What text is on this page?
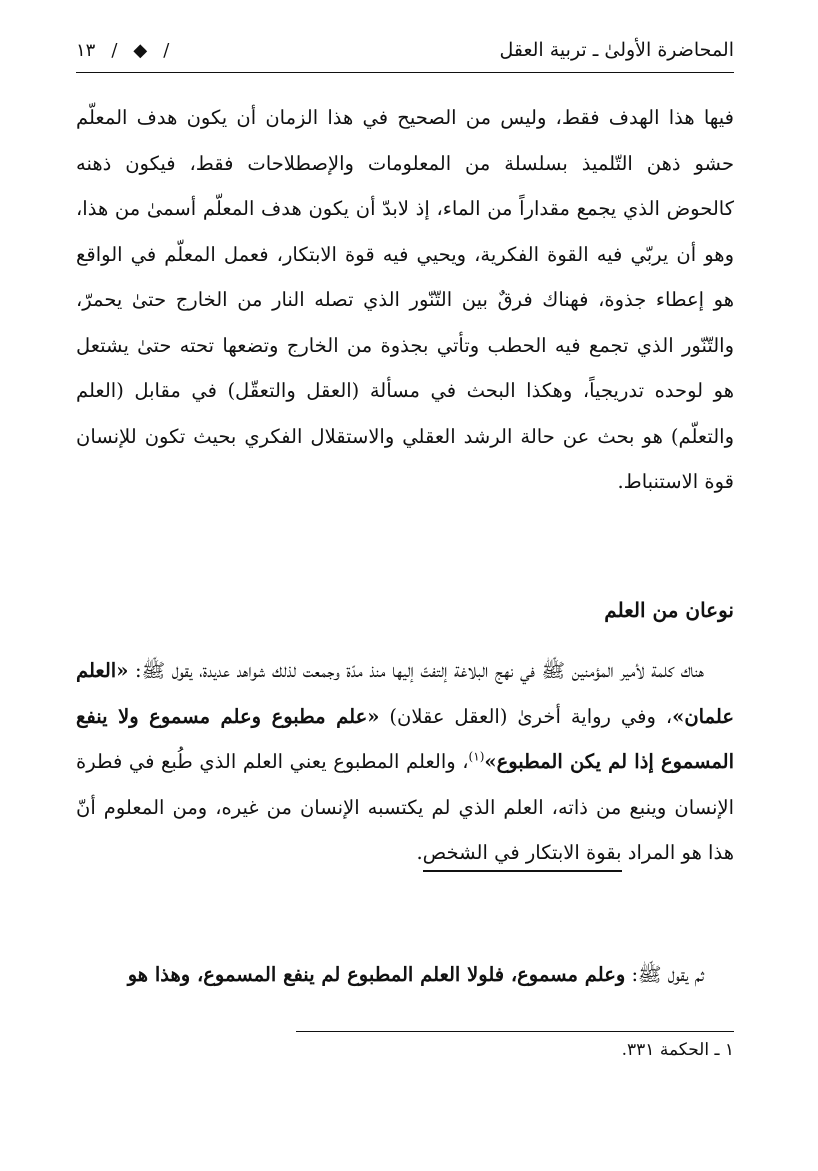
المحاضرة الأولىٰ ـ تربية العقل
١٣ / ◆ /

فيها هذا الهدف فقط، وليس من الصحيح في هذا الزمان أن يكون هدف المعلّم حشو ذهن التّلميذ بسلسلة من المعلومات والإصطلاحات فقط، فيكون ذهنه كالحوض الذي يجمع مقداراً من الماء، إذ لابدّ أن يكون هدف المعلّم أسمىٰ من هذا، وهو أن يربّي فيه القوة الفكرية، ويحيي فيه قوة الابتكار، فعمل المعلّم في الواقع هو إعطاء جذوة، فهناك فرقٌ بين التّنّور الذي تصله النار من الخارج حتىٰ يحمرّ، والتّنّور الذي تجمع فيه الحطب وتأتي بجذوة من الخارج وتضعها تحته حتىٰ يشتعل هو لوحده تدريجياً، وهكذا البحث في مسألة (العقل والتعقّل) في مقابل (العلم والتعلّم) هو بحث عن حالة الرشد العقلي والاستقلال الفكري بحيث تكون للإنسان قوة الاستنباط.

نوعان من العلم
هناك كلمة لأمير المؤمنين ﷺ في نهج البلاغة إلتفتّ إليها منذ مدّة وجمعت لذلك شواهد عديدة، يقول ﷺ: «العلم علمان»، وفي رواية أخرىٰ (العقل عقلان) «علم مطبوع وعلم مسموع ولا ينفع المسموع إذا لم يكن المطبوع»$^{(١)}$، والعلم المطبوع يعني العلم الذي طُبع في فطرة الإنسان وينبع من ذاته، العلم الذي لم يكتسبه الإنسان من غيره، ومن المعلوم أنّ هذا هو المراد بقوة الابتكار في الشخص.
ثم يقول ﷺ: وعلم مسموع، فلولا العلم المطبوع لم ينفع المسموع، وهذا هو
١ ـ الحكمة ٣٣١.
